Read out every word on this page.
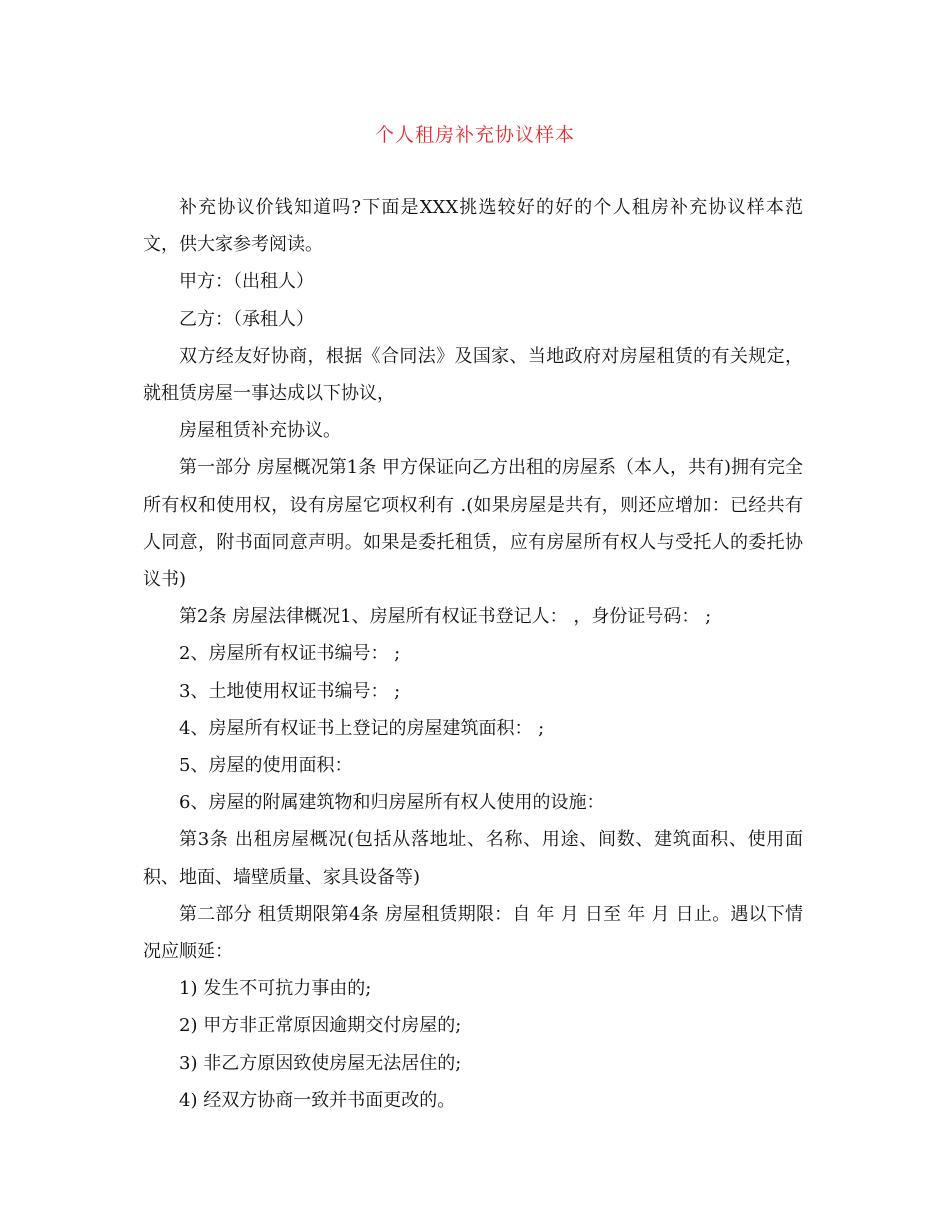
个人租房补充协议样本

补充协议价钱知道吗?下面是XXX挑选较好的好的个人租房补充协议样本范文，供大家参考阅读。

甲方：（出租人）

乙方：（承租人）

双方经友好协商，根据《合同法》及国家、当地政府对房屋租赁的有关规定，就租赁房屋一事达成以下协议，

房屋租赁补充协议。

第一部分 房屋概况第1条 甲方保证向乙方出租的房屋系（本人，共有)拥有完全所有权和使用权，设有房屋它项权利有 .(如果房屋是共有，则还应增加：已经共有人同意，附书面同意声明。如果是委托租赁，应有房屋所有权人与受托人的委托协议书)

第2条 房屋法律概况1、房屋所有权证书登记人： ，身份证号码： ;

2、房屋所有权证书编号： ;

3、土地使用权证书编号： ;

4、房屋所有权证书上登记的房屋建筑面积： ;

5、房屋的使用面积：

6、房屋的附属建筑物和归房屋所有权人使用的设施：

第3条 出租房屋概况(包括从落地址、名称、用途、间数、建筑面积、使用面积、地面、墙壁质量、家具设备等)

第二部分 租赁期限第4条 房屋租赁期限：自 年 月 日至 年 月 日止。遇以下情况应顺延：

1) 发生不可抗力事由的;

2) 甲方非正常原因逾期交付房屋的;

3) 非乙方原因致使房屋无法居住的;

4) 经双方协商一致并书面更改的。
